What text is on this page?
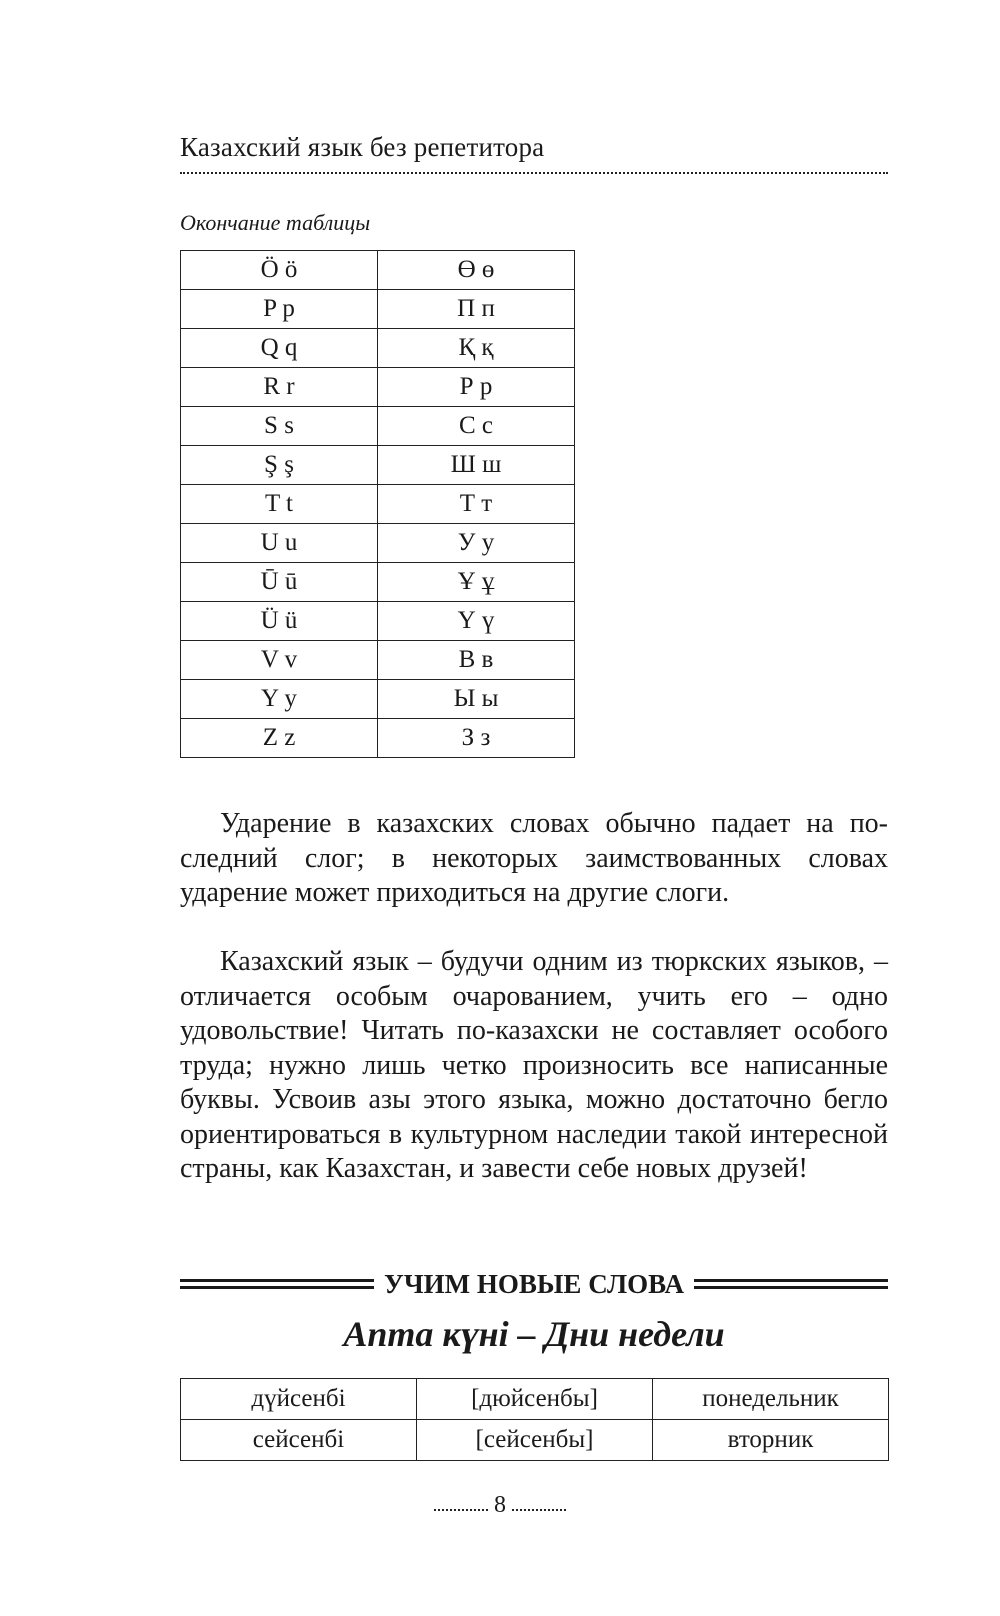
Казахский язык без репетитора
Окончание таблицы
Ö ö	Ө ө
P p	П п
Q q	Қ қ
R r	Р р
S s	С с
Ş ş	Ш ш
T t	Т т
U u	У у
Ū ū	Ұ ұ
Ü ü	Ү ү
V v	В в
Y y	Ы ы
Z z	З з

Ударение в казахских словах обычно падает на последний слог; в некоторых заимствованных словах ударение может приходиться на другие слоги.

Казахский язык – будучи одним из тюркских языков, – отличается особым очарованием, учить его – одно удовольствие! Читать по-казахски не составляет особого труда; нужно лишь четко произносить все написанные буквы. Усвоив азы этого языка, можно достаточно бегло ориентироваться в культурном наследии такой интересной страны, как Казахстан, и завести себе новых друзей!

УЧИМ НОВЫЕ СЛОВА
Апта күні – Дни недели
дүйсенбі	[дюйсенбы]	понедельник
сейсенбі	[сейсенбы]	вторник
8
